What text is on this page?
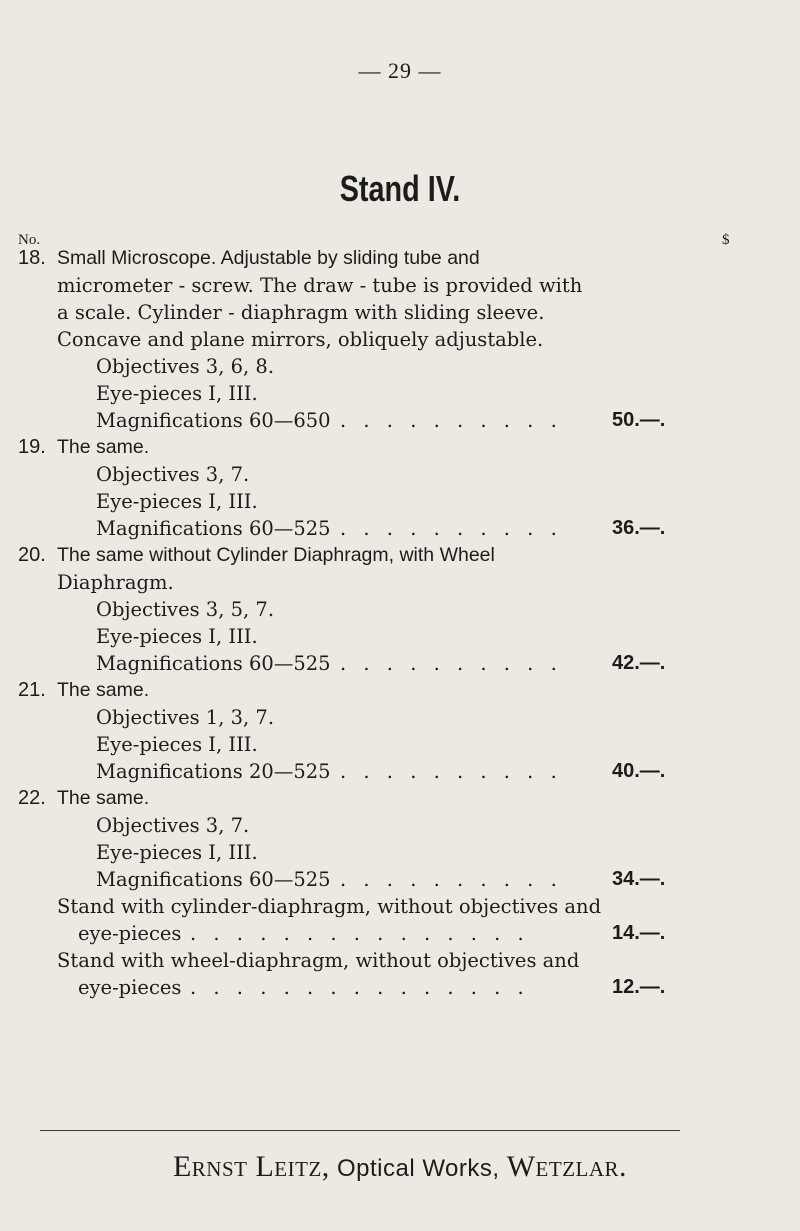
— 29 —
Stand IV.
No.	$
18. Small Microscope. Adjustable by sliding tube and
micrometer - screw. The draw - tube is provided with
a scale. Cylinder - diaphragm with sliding sleeve.
Concave and plane mirrors, obliquely adjustable.
Objectives 3, 6, 8.
Eye-pieces I, III.
Magnifications 60—650 . . . . . . . . . .	50.—.
19. The same.
Objectives 3, 7.
Eye-pieces I, III.
Magnifications 60—525 . . . . . . . . . .	36.—.
20. The same without Cylinder Diaphragm, with Wheel
Diaphragm.
Objectives 3, 5, 7.
Eye-pieces I, III.
Magnifications 60—525 . . . . . . . . . .	42.—.
21. The same.
Objectives 1, 3, 7.
Eye-pieces I, III.
Magnifications 20—525 . . . . . . . . . .	40.—.
22. The same.
Objectives 3, 7.
Eye-pieces I, III.
Magnifications 60—525 . . . . . . . . . .	34.—.
Stand with cylinder-diaphragm, without objectives and
eye-pieces . . . . . . . . . . . . . . .	14.—.
Stand with wheel-diaphragm, without objectives and
eye-pieces . . . . . . . . . . . . . . .	12.—.
Ernst Leitz, Optical Works, Wetzlar.
